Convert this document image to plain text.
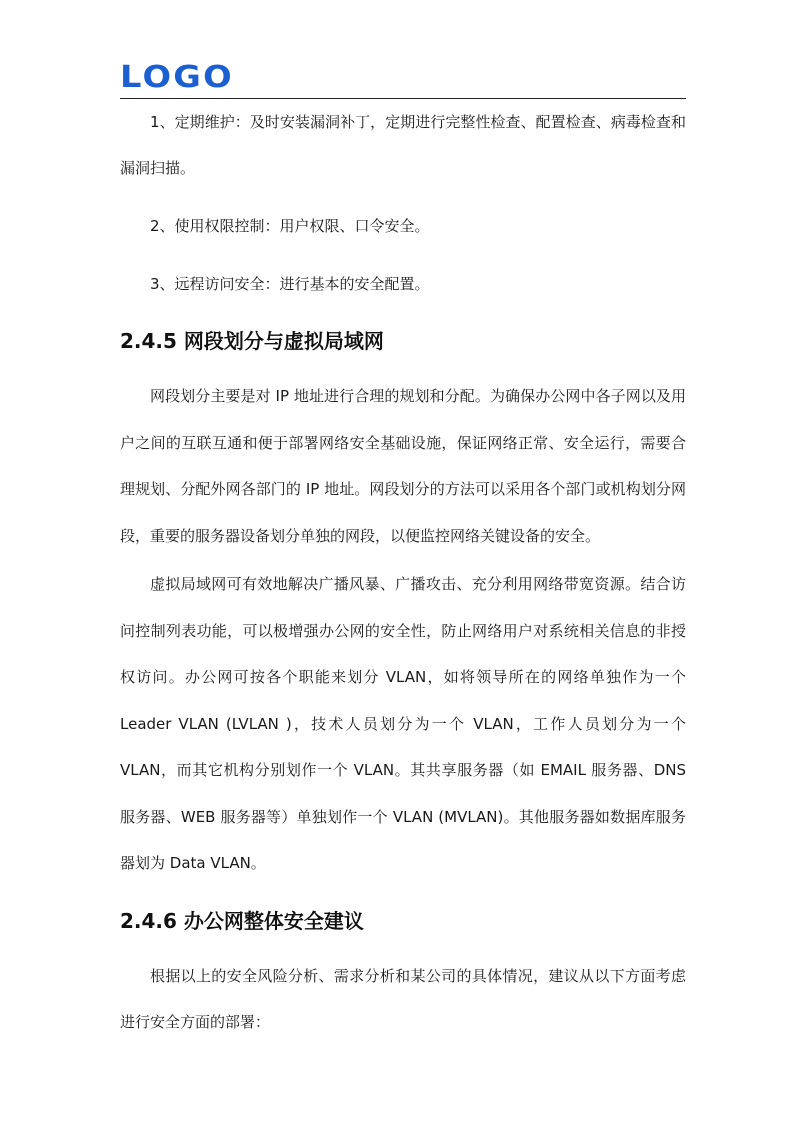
LOGO

1、定期维护：及时安装漏洞补丁，定期进行完整性检查、配置检查、病毒检查和漏洞扫描。

2、使用权限控制：用户权限、口令安全。

3、远程访问安全：进行基本的安全配置。

2.4.5 网段划分与虚拟局域网

网段划分主要是对 IP 地址进行合理的规划和分配。为确保办公网中各子网以及用户之间的互联互通和便于部署网络安全基础设施，保证网络正常、安全运行，需要合理规划、分配外网各部门的 IP 地址。网段划分的方法可以采用各个部门或机构划分网段，重要的服务器设备划分单独的网段，以便监控网络关键设备的安全。

虚拟局域网可有效地解决广播风暴、广播攻击、充分利用网络带宽资源。结合访问控制列表功能，可以极增强办公网的安全性，防止网络用户对系统相关信息的非授权访问。办公网可按各个职能来划分 VLAN，如将领导所在的网络单独作为一个 Leader VLAN (LVLAN )，技术人员划分为一个 VLAN，工作人员划分为一个 VLAN，而其它机构分别划作一个 VLAN。其共享服务器（如 EMAIL 服务器、DNS 服务器、WEB 服务器等）单独划作一个 VLAN (MVLAN)。其他服务器如数据库服务器划为 Data VLAN。

2.4.6 办公网整体安全建议

根据以上的安全风险分析、需求分析和某公司的具体情况，建议从以下方面考虑进行安全方面的部署：
